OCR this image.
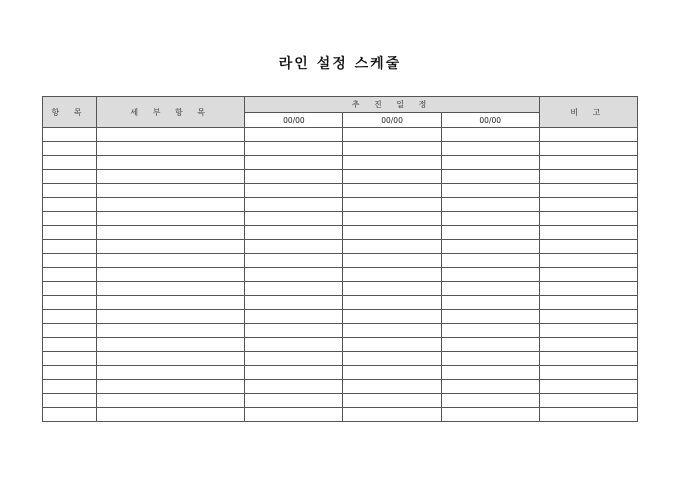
라인 설정 스케줄
항 목	세 부 항 목	추 진 일 정			비 고
		00/00	00/00	00/00	
